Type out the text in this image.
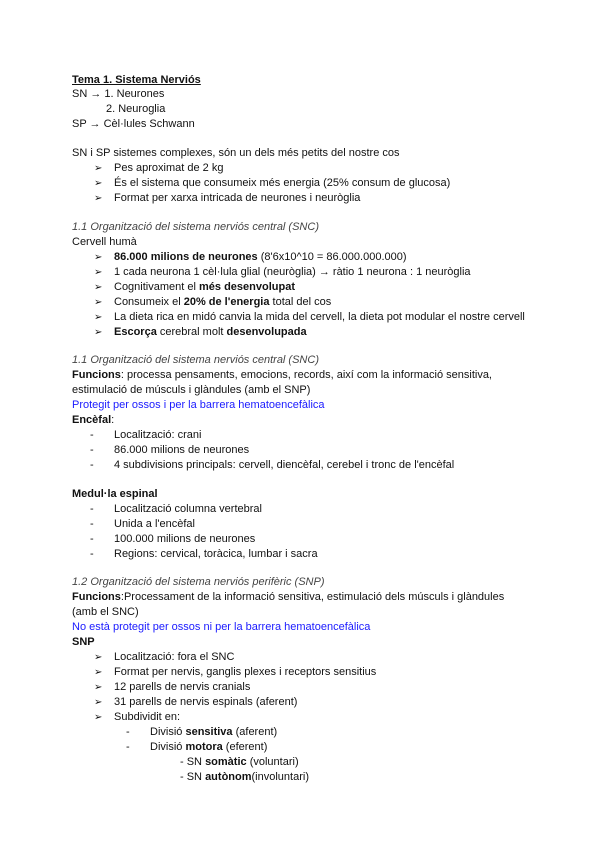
Tema 1. Sistema Nerviós
SN → 1. Neurones
2. Neuroglia
SP → Cèl·lules Schwann
SN i SP sistemes complexes, són un dels més petits del nostre cos
➢ Pes aproximat de 2 kg
➢ És el sistema que consumeix més energia (25% consum de glucosa)
➢ Format per xarxa intricada de neurones i neuròglia
1.1 Organització del sistema nerviós central (SNC)
Cervell humà
➢ 86.000 milions de neurones (8'6x10^10 = 86.000.000.000)
➢ 1 cada neurona 1 cèl·lula glial (neuròglia) → ràtio 1 neurona : 1 neuròglia
➢ Cognitivament el més desenvolupat
➢ Consumeix el 20% de l'energia total del cos
➢ La dieta rica en midó canvia la mida del cervell, la dieta pot modular el nostre cervell
➢ Escorça cerebral molt desenvolupada
1.1 Organització del sistema nerviós central (SNC)
Funcions: processa pensaments, emocions, records, així com la informació sensitiva,
estimulació de músculs i glàndules (amb el SNP)
Protegit per ossos i per la barrera hematoencefàlica
Encèfal:
- Localització: crani
- 86.000 milions de neurones
- 4 subdivisions principals: cervell, diencèfal, cerebel i tronc de l'encèfal
Medul·la espinal
- Localització columna vertebral
- Unida a l'encèfal
- 100.000 milions de neurones
- Regions: cervical, toràcica, lumbar i sacra
1.2 Organització del sistema nerviós perifèric (SNP)
Funcions:Processament de la informació sensitiva, estimulació dels músculs i glàndules
(amb el SNC)
No està protegit per ossos ni per la barrera hematoencefàlica
SNP
➢ Localització: fora el SNC
➢ Format per nervis, ganglis plexes i receptors sensitius
➢ 12 parells de nervis cranials
➢ 31 parells de nervis espinals (aferent)
➢ Subdividit en:
- Divisió sensitiva (aferent)
- Divisió motora (eferent)
- SN somàtic (voluntari)
- SN autònom(involuntari)
